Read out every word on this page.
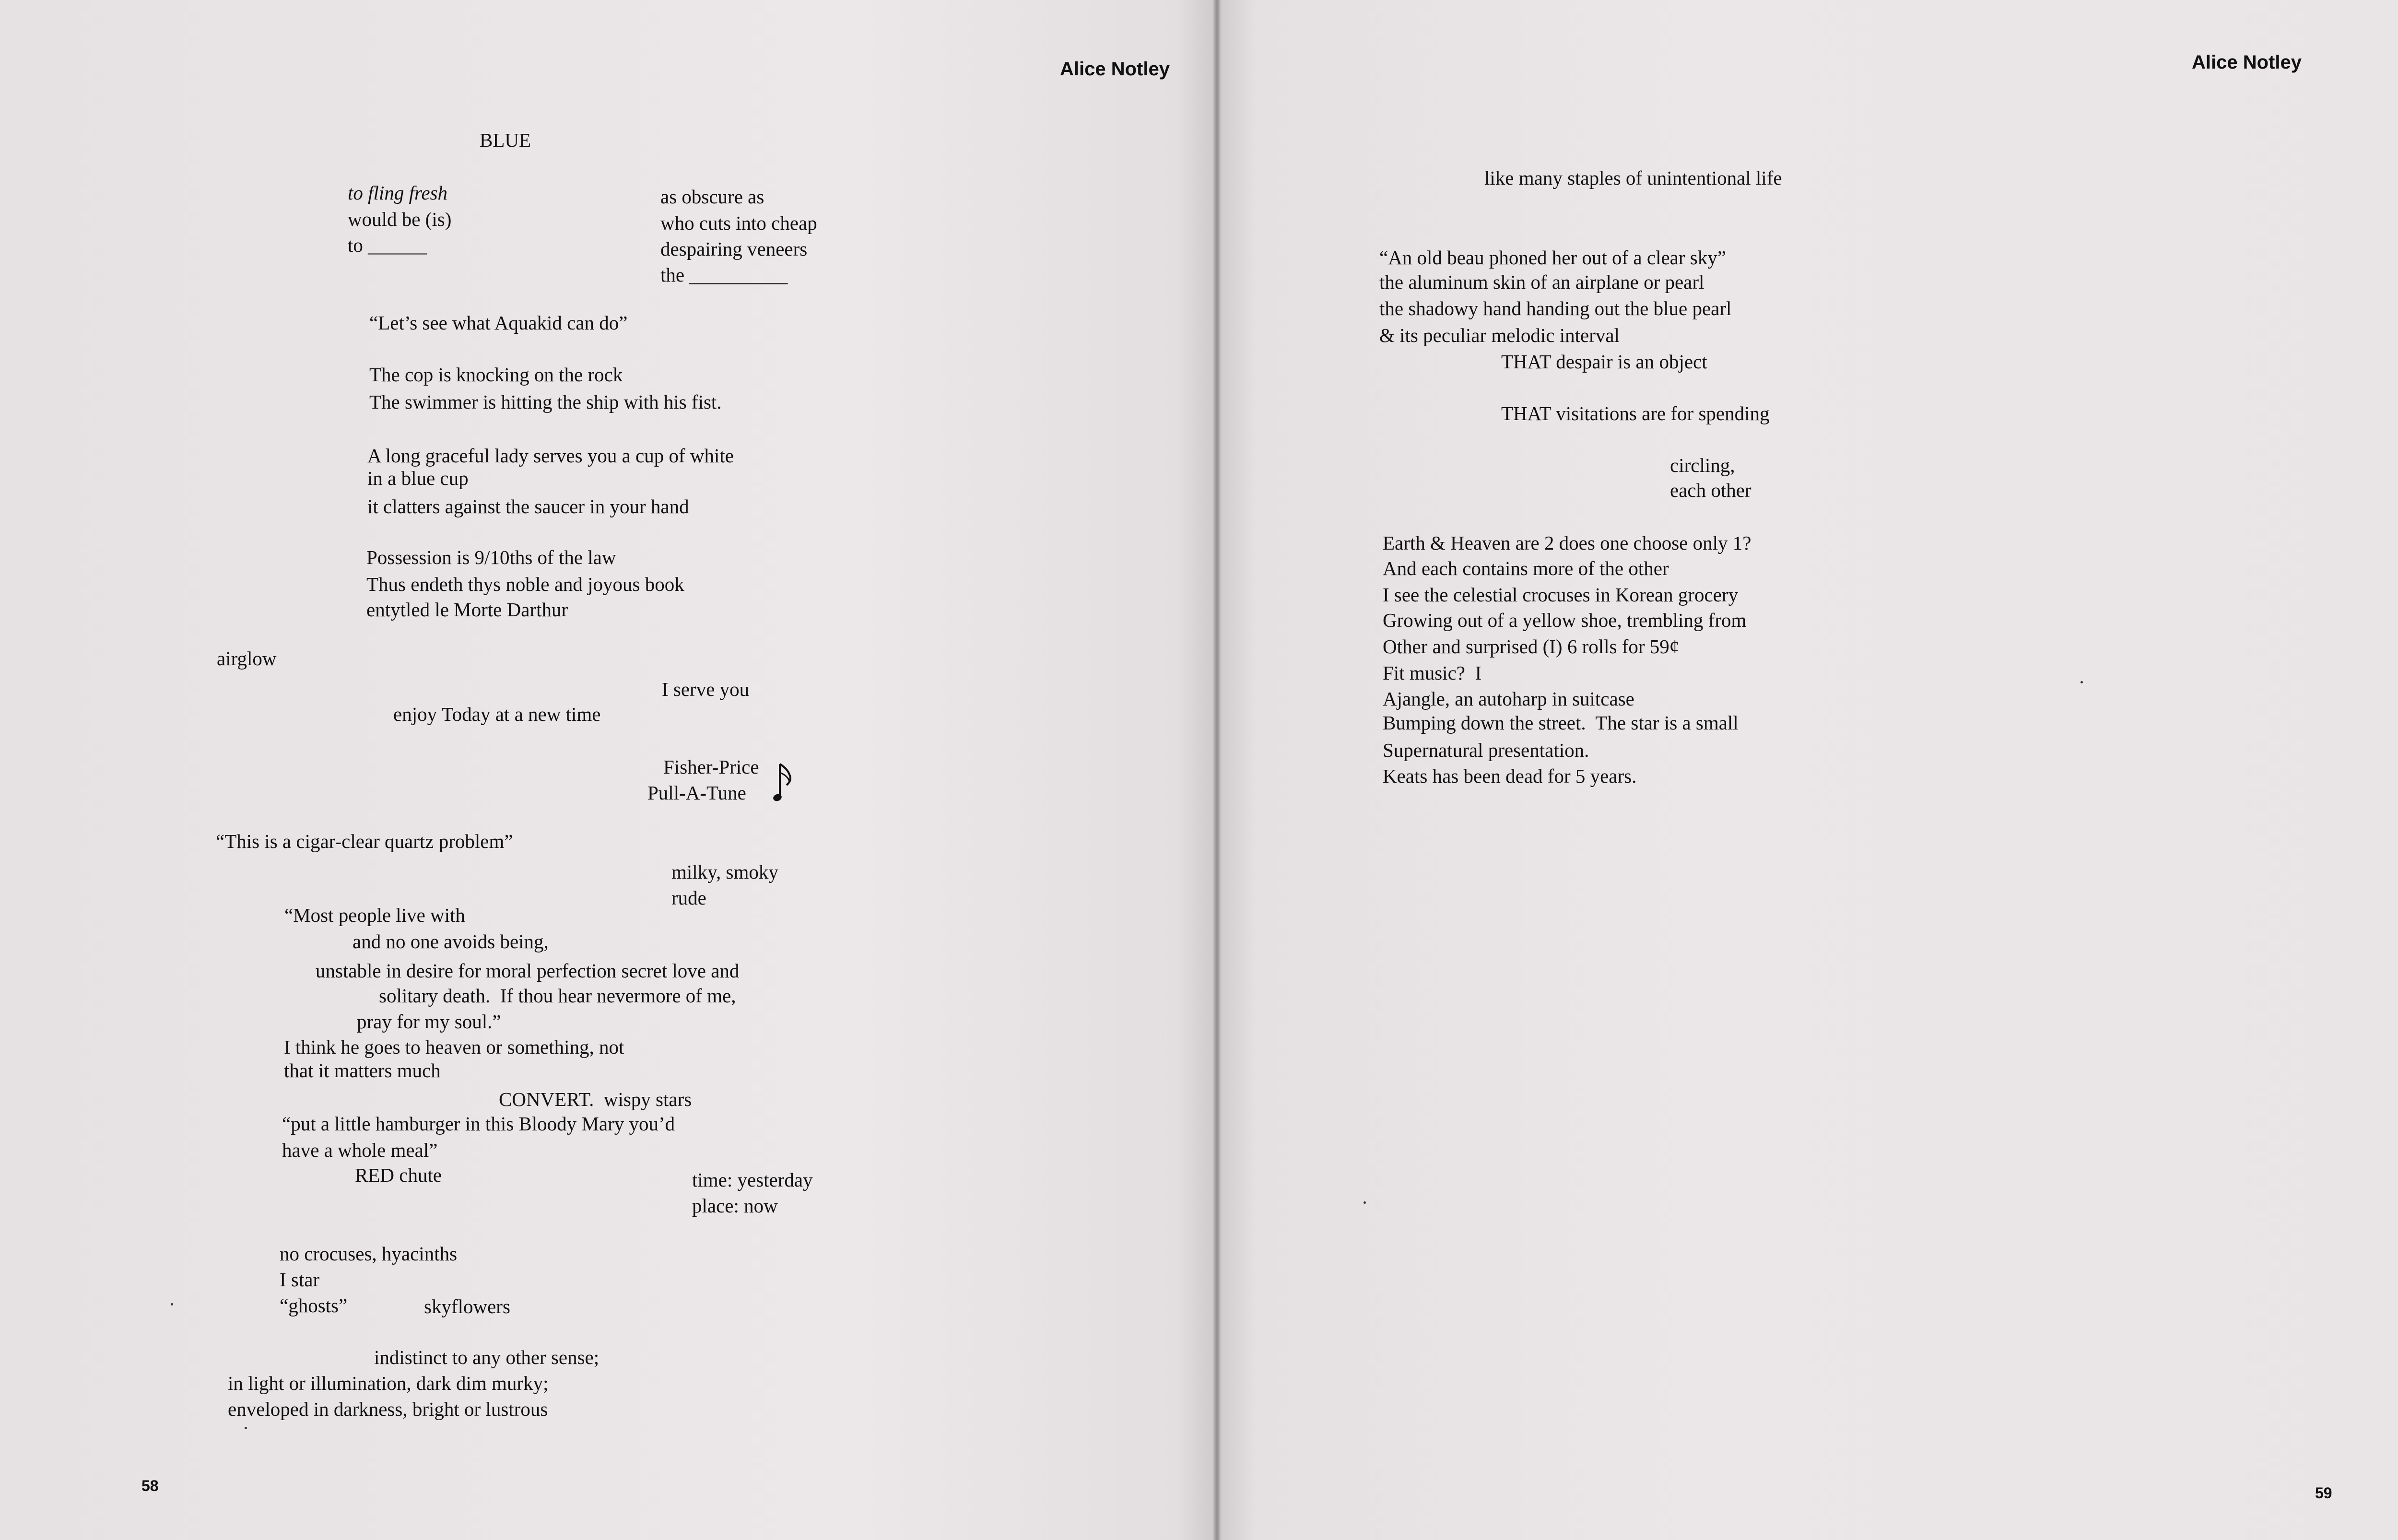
Alice Notley

BLUE

to fling fresh

would be (is)

to ______

as obscure as

who cuts into cheap

despairing veneers

the __________

“Let’s see what Aquakid can do”

The cop is knocking on the rock

The swimmer is hitting the ship with his fist.

A long graceful lady serves you a cup of white

in a blue cup

it clatters against the saucer in your hand

Possession is 9/10ths of the law

Thus endeth thys noble and joyous book

entytled le Morte Darthur

airglow

I serve you

enjoy Today at a new time

Fisher-Price

Pull-A-Tune

“This is a cigar-clear quartz problem”

milky, smoky

rude

“Most people live with

and no one avoids being,

unstable in desire for moral perfection secret love and

solitary death.  If thou hear nevermore of me,

pray for my soul.”

I think he goes to heaven or something, not

that it matters much

CONVERT.  wispy stars

“put a little hamburger in this Bloody Mary you’d

have a whole meal”

RED chute	time: yesterday

place: now

no crocuses, hyacinths

I star

“ghosts”	skyflowers

indistinct to any other sense;

in light or illumination, dark dim murky;

enveloped in darkness, bright or lustrous

58

Alice Notley

like many staples of unintentional life

“An old beau phoned her out of a clear sky”

the aluminum skin of an airplane or pearl

the shadowy hand handing out the blue pearl

& its peculiar melodic interval

THAT despair is an object

THAT visitations are for spending

circling,

each other

Earth & Heaven are 2 does one choose only 1?

And each contains more of the other

I see the celestial crocuses in Korean grocery

Growing out of a yellow shoe, trembling from

Other and surprised (I) 6 rolls for 59¢

Fit music?  I

Ajangle, an autoharp in suitcase

Bumping down the street.  The star is a small

Supernatural presentation.

Keats has been dead for 5 years.

59
